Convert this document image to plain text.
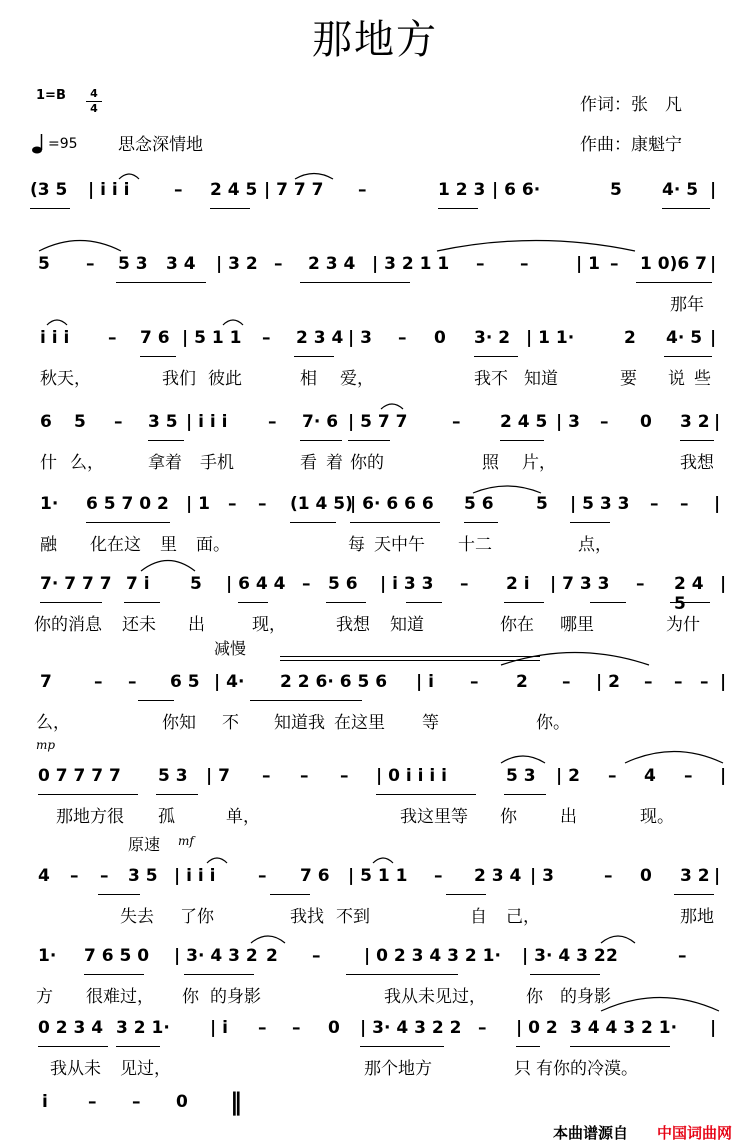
那地方
1=B	4
4
=95 思念深情地
作词：张　凡
作曲：康魁宁
(3 5 | i i i	– 2 4 5 | 7 7 7 –	1 2 3 | 6 6·	5 4· 5 |
5 – 5 3 3 4 | 3 2 – 2 3 4 | 3 2 1 1 – –	| 1 – 1 0)6 7 |
那年
i i i – 7 6 | 5 1 1 – 2 3 4 | 3 – 0 3· 2 | 1 1·	2 4· 5 |
秋天，	我们 彼此	相 爱，	我不 知道	要 说 些
6 5 – 3 5 | i i i – 7· 6 | 5 7 7	– 2 4 5 | 3 – 0 3 2 |
什 么，	拿着 手机	看 着 你的	照 片，	我想
1· 6 5 7 0 2 | 1 – – (1 4 5)
| 6· 6 6 6 5 6 5 | 5 3 3 – – |
融 化在这 里 面。	每 天中午 十二	点，
7· 7 7 7 7 i 5 | 6 4 4 – 5 6 | i 3 3 – 2 i | 7 3 3 – 2 4 5
|
你的消息 还未 出	现，	我想 知道	你在 哪里	为什
减慢
7 – – 6 5 | 4· 2 2 6· 6 5 6 | i – 2 – | 2 – – – |
么，	你知 不 知道我 在这里 等	你。
mp
0 7 7 7 7 5 3 | 7 – – – | 0 i i i i	5 3 | 2 – 4 – |
那地方很 孤	单，	我这里等 你	出	现。
原速 mf
4 – – 3 5 | i i i	– 7 6 | 5 1 1 – 2 3 4 | 3	– 0 3 2 |
失去 了你	我找 不到	自 己，	那地
1· 7 6 5 0 | 3· 4 3 2 2 –	| 0 2 3 4 3 2 1· | 3· 4 3 2 2	–
方 很难过， 你 的身影	我从未见过， 你 的身影
0 2 3 4 3 2 1· | i – – 0 | 3· 4 3 2 2 – | 0 2 3 4 4 3 2 1· |
我从未 见过，	那个地方	只 有你的冷漠。
i – – 0 ‖
本曲谱源自 中国词曲网
